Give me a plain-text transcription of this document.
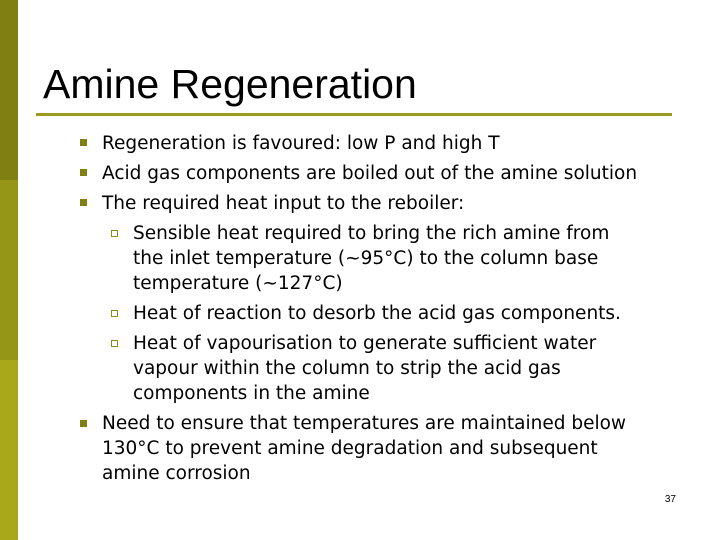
Amine Regeneration
Regeneration is favoured: low P and high T
Acid gas components are boiled out of the amine solution
The required heat input to the reboiler:
Sensible heat required to bring the rich amine from
the inlet temperature (~95°C) to the column base
temperature (~127°C)
Heat of reaction to desorb the acid gas components.
Heat of vapourisation to generate sufficient water
vapour within the column to strip the acid gas
components in the amine
Need to ensure that temperatures are maintained below
130°C to prevent amine degradation and subsequent
amine corrosion
37
